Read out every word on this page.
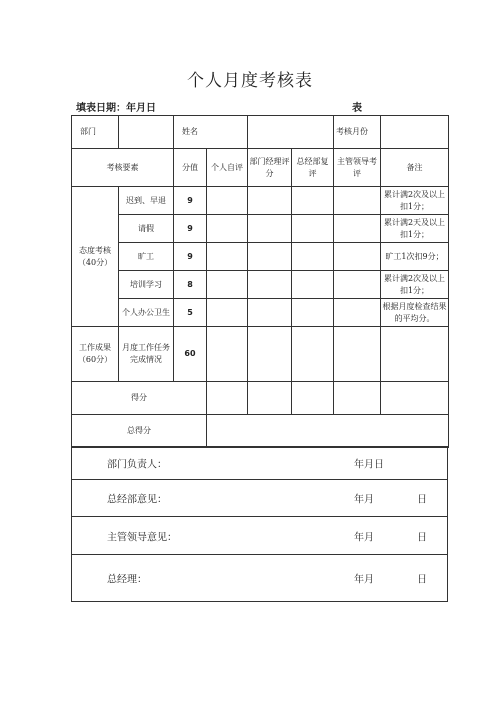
个人月度考核表
填表日期：年月日	表
部门		姓名				考核月份	
考核要素		分值	个人自评	部门经理评分	总经部复评	主管领导考评	备注
态度考核（40分）	迟到、早退	9					累计满2次及以上扣1分；
	请假	9					累计满2天及以上扣1分；
	旷工	9					旷工1次扣9分；
	培训学习	8					累计满2次及以上扣1分；
	个人办公卫生	5					根据月度检查结果的平均分。
工作成果（60分）	月度工作任务完成情况	60					
得分							
总得分							
部门负责人：	年月日

总经部意见：	年月	日

主管领导意见：	年月	日

总经理：	年月	日
